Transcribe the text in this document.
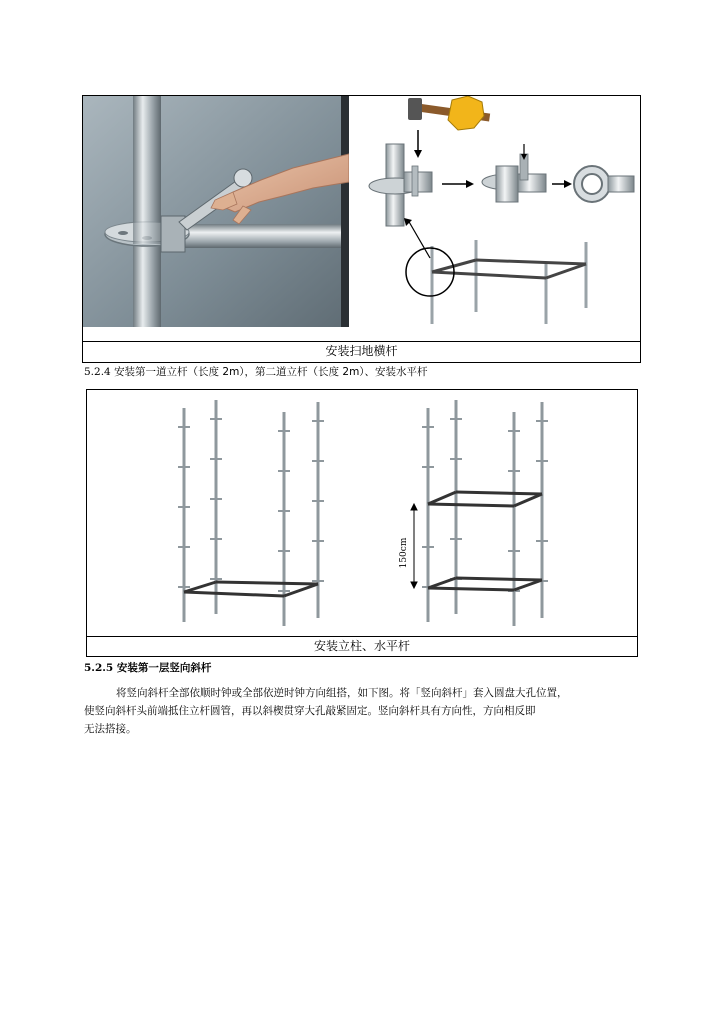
安装扫地横杆
5.2.4 安装第一道立杆（长度 2m），第二道立杆（长度 2m）、安装水平杆
150cm
安装立柱、水平杆
5.2.5 安装第一层竖向斜杆
将竖向斜杆全部依顺时钟或全部依逆时钟方向组搭，如下图。将「竖向斜杆」套入圆盘大孔位置，
使竖向斜杆头前端抵住立杆圆管，再以斜楔贯穿大孔敲紧固定。竖向斜杆具有方向性，方向相反即
无法搭接。
